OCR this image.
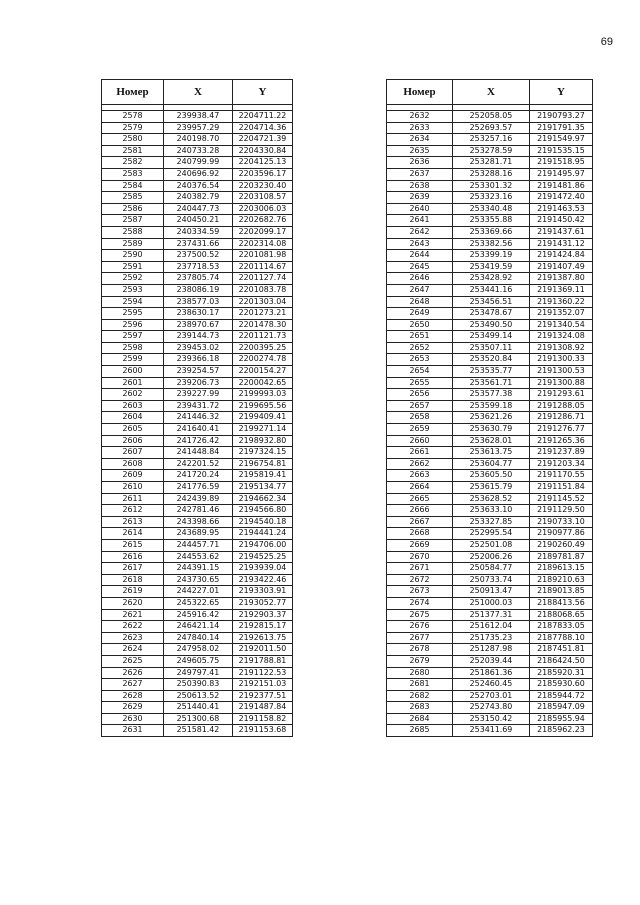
69
Номер	X	Y

2578	239938.47	2204711.22
2579	239957.29	2204714.36
2580	240198.70	2204721.39
2581	240733.28	2204330.84
2582	240799.99	2204125.13
2583	240696.92	2203596.17
2584	240376.54	2203230.40
2585	240382.79	2203108.57
2586	240447.73	2203006.03
2587	240450.21	2202682.76
2588	240334.59	2202099.17
2589	237431.66	2202314.08
2590	237500.52	2201081.98
2591	237718.53	2201114.67
2592	237805.74	2201127.74
2593	238086.19	2201083.78
2594	238577.03	2201303.04
2595	238630.17	2201273.21
2596	238970.67	2201478.30
2597	239144.73	2201121.73
2598	239453.02	2200395.25
2599	239366.18	2200274.78
2600	239254.57	2200154.27
2601	239206.73	2200042.65
2602	239227.99	2199993.03
2603	239431.72	2199695.56
2604	241446.32	2199409.41
2605	241640.41	2199271.14
2606	241726.42	2198932.80
2607	241448.84	2197324.15
2608	242201.52	2196754.81
2609	241720.24	2195819.41
2610	241776.59	2195134.77
2611	242439.89	2194662.34
2612	242781.46	2194566.80
2613	243398.66	2194540.18
2614	243689.95	2194441.24
2615	244457.71	2194706.00
2616	244553.62	2194525.25
2617	244391.15	2193939.04
2618	243730.65	2193422.46
2619	244227.01	2193303.91
2620	245322.65	2193052.77
2621	245916.42	2192903.37
2622	246421.14	2192815.17
2623	247840.14	2192613.75
2624	247958.02	2192011.50
2625	249605.75	2191788.81
2626	249797.41	2191122.53
2627	250390.83	2192151.03
2628	250613.52	2192377.51
2629	251440.41	2191487.84
2630	251300.68	2191158.82
2631	251581.42	2191153.68
Номер	X	Y

2632	252058.05	2190793.27
2633	252693.57	2191791.35
2634	253257.16	2191549.97
2635	253278.59	2191535.15
2636	253281.71	2191518.95
2637	253288.16	2191495.97
2638	253301.32	2191481.86
2639	253323.16	2191472.40
2640	253340.48	2191463.53
2641	253355.88	2191450.42
2642	253369.66	2191437.61
2643	253382.56	2191431.12
2644	253399.19	2191424.84
2645	253419.59	2191407.49
2646	253428.92	2191387.80
2647	253441.16	2191369.11
2648	253456.51	2191360.22
2649	253478.67	2191352.07
2650	253490.50	2191340.54
2651	253499.14	2191324.08
2652	253507.11	2191308.92
2653	253520.84	2191300.33
2654	253535.77	2191300.53
2655	253561.71	2191300.88
2656	253577.38	2191293.61
2657	253599.18	2191288.05
2658	253621.26	2191286.71
2659	253630.79	2191276.77
2660	253628.01	2191265.36
2661	253613.75	2191237.89
2662	253604.77	2191203.34
2663	253605.50	2191170.55
2664	253615.79	2191151.84
2665	253628.52	2191145.52
2666	253633.10	2191129.50
2667	253327.85	2190733.10
2668	252995.54	2190977.86
2669	252501.08	2190260.49
2670	252006.26	2189781.87
2671	250584.77	2189613.15
2672	250733.74	2189210.63
2673	250913.47	2189013.85
2674	251000.03	2188413.56
2675	251377.31	2188068.65
2676	251612.04	2187833.05
2677	251735.23	2187788.10
2678	251287.98	2187451.81
2679	252039.44	2186424.50
2680	251861.36	2185920.31
2681	252460.45	2185930.60
2682	252703.01	2185944.72
2683	252743.80	2185947.09
2684	253150.42	2185955.94
2685	253411.69	2185962.23
